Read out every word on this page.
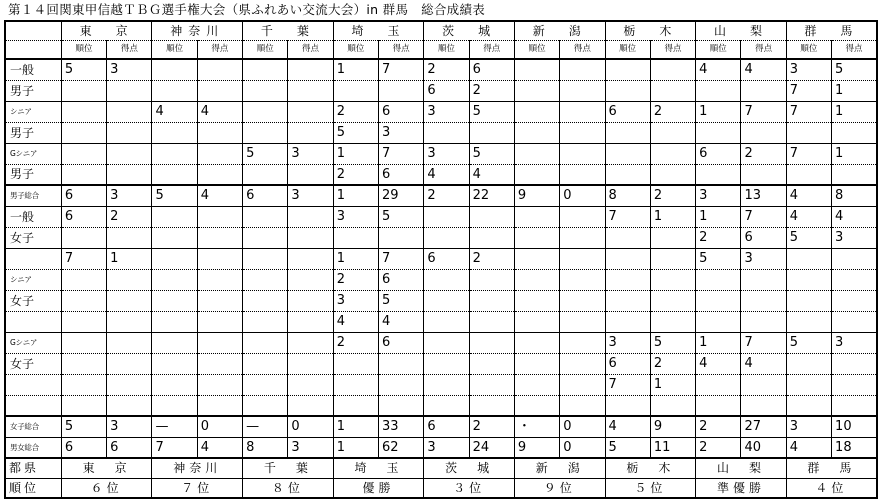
第１４回関東甲信越ＴＢＧ選手権大会（県ふれあい交流大会）in 群馬　総合成績表
	東　京		神奈川		千　葉		埼　玉		茨　城		新　潟		栃　木		山　梨		群　馬	
	順位	得点	順位	得点	順位	得点	順位	得点	順位	得点	順位	得点	順位	得点	順位	得点	順位	得点
一般	5	3					1	7	2	6					4	4	3	5
男子									6	2							7	1
シニア			4	4			2	6	3	5			6	2	1	7	7	1
男子							5	3										
Gシニア					5	3	1	7	3	5					6	2	7	1
男子							2	6	4	4								
男子総合	6	3	5	4	6	3	1	29	2	22	9	0	8	2	3	13	4	8
一般	6	2					3	5					7	1	1	7	4	4
女子															2	6	5	3
	7	1					1	7	6	2					5	3		
シニア							2	6										
女子							3	5										
							4	4										
Gシニア							2	6					3	5	1	7	5	3
女子													6	2	4	4		
													7	1				

女子総合	5	3	—	0	—	0	1	33	6	2	・	0	4	9	2	27	3	10
男女総合	6	6	7	4	8	3	1	62	3	24	9	0	5	11	2	40	4	18
都県	東　京		神奈川		千　葉		埼　玉		茨　城		新　潟		栃　木		山　梨		群　馬	
順位	６位		７位		８位		優勝		３位		９位		５位		準優勝		４位	
